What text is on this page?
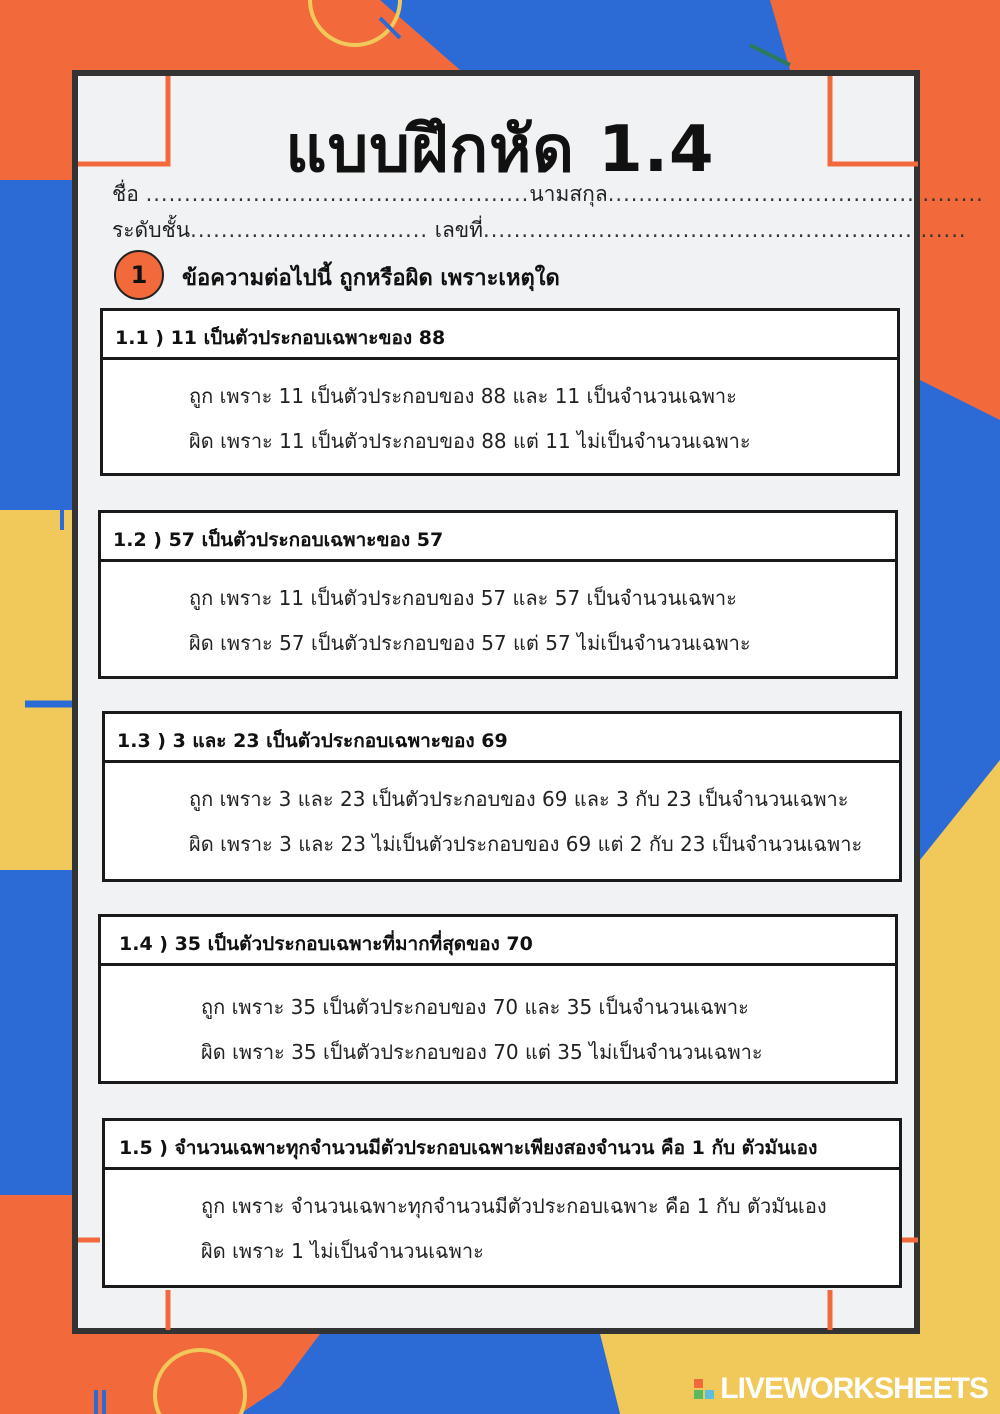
แบบฝึกหัด 1.4
ชื่อ ..................................................นามสกุล.................................................
ระดับชั้น............................... เลขที่...............................................................
1	ข้อความต่อไปนี้ ถูกหรือผิด เพราะเหตุใด
1.1 ) 11 เป็นตัวประกอบเฉพาะของ 88
ถูก เพราะ 11 เป็นตัวประกอบของ 88 และ 11 เป็นจำนวนเฉพาะ
ผิด เพราะ 11 เป็นตัวประกอบของ 88 แต่ 11 ไม่เป็นจำนวนเฉพาะ
1.2 ) 57 เป็นตัวประกอบเฉพาะของ 57
ถูก เพราะ 11 เป็นตัวประกอบของ 57 และ 57 เป็นจำนวนเฉพาะ
ผิด เพราะ 57 เป็นตัวประกอบของ 57 แต่ 57 ไม่เป็นจำนวนเฉพาะ
1.3 ) 3 และ 23 เป็นตัวประกอบเฉพาะของ 69
ถูก เพราะ 3 และ 23 เป็นตัวประกอบของ 69 และ 3 กับ 23 เป็นจำนวนเฉพาะ
ผิด เพราะ 3 และ 23 ไม่เป็นตัวประกอบของ 69 แต่ 2 กับ 23 เป็นจำนวนเฉพาะ
1.4 ) 35 เป็นตัวประกอบเฉพาะที่มากที่สุดของ 70
ถูก เพราะ 35 เป็นตัวประกอบของ 70 และ 35 เป็นจำนวนเฉพาะ
ผิด เพราะ 35 เป็นตัวประกอบของ 70 แต่ 35 ไม่เป็นจำนวนเฉพาะ
1.5 ) จำนวนเฉพาะทุกจำนวนมีตัวประกอบเฉพาะเพียงสองจำนวน คือ 1 กับ ตัวมันเอง
ถูก เพราะ จำนวนเฉพาะทุกจำนวนมีตัวประกอบเฉพาะ คือ 1 กับ ตัวมันเอง
ผิด เพราะ 1 ไม่เป็นจำนวนเฉพาะ
LIVEWORKSHEETS
